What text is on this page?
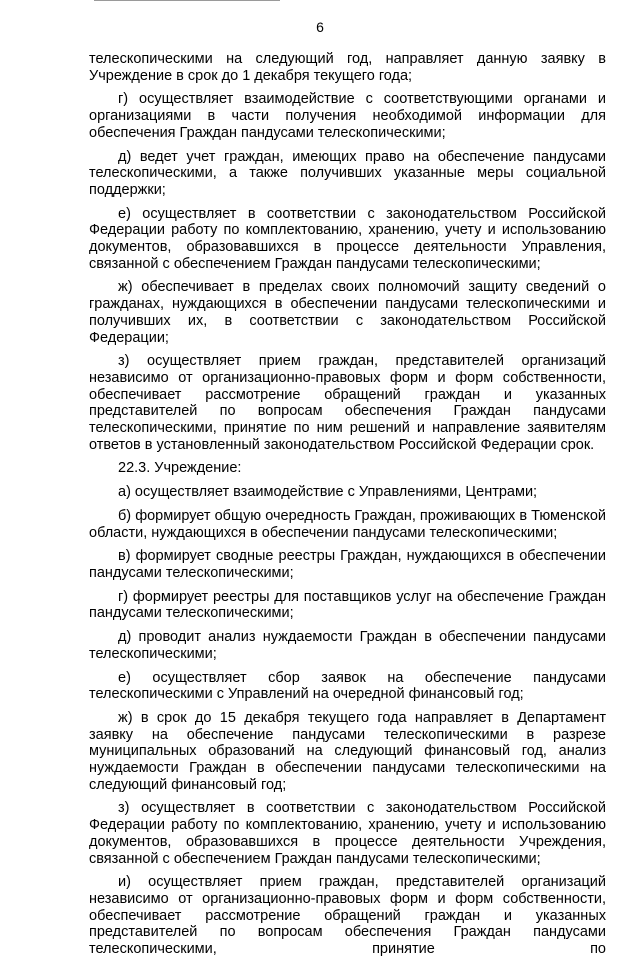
6

телескопическими на следующий год, направляет данную заявку в Учреждение в срок до 1 декабря текущего года;

г) осуществляет взаимодействие с соответствующими органами и организациями в части получения необходимой информации для обеспечения Граждан пандусами телескопическими;

д) ведет учет граждан, имеющих право на обеспечение пандусами телескопическими, а также получивших указанные меры социальной поддержки;

е) осуществляет в соответствии с законодательством Российской Федерации работу по комплектованию, хранению, учету и использованию документов, образовавшихся в процессе деятельности Управления, связанной с обеспечением Граждан пандусами телескопическими;

ж) обеспечивает в пределах своих полномочий защиту сведений о гражданах, нуждающихся в обеспечении пандусами телескопическими и получивших их, в соответствии с законодательством Российской Федерации;

з) осуществляет прием граждан, представителей организаций независимо от организационно-правовых форм и форм собственности, обеспечивает рассмотрение обращений граждан и указанных представителей по вопросам обеспечения Граждан пандусами телескопическими, принятие по ним решений и направление заявителям ответов в установленный законодательством Российской Федерации срок.

22.3. Учреждение:

а) осуществляет взаимодействие с Управлениями, Центрами;

б) формирует общую очередность Граждан, проживающих в Тюменской области, нуждающихся в обеспечении пандусами телескопическими;

в) формирует сводные реестры Граждан, нуждающихся в обеспечении пандусами телескопическими;

г) формирует реестры для поставщиков услуг на обеспечение Граждан пандусами телескопическими;

д) проводит анализ нуждаемости Граждан в обеспечении пандусами телескопическими;

е) осуществляет сбор заявок на обеспечение пандусами телескопическими с Управлений на очередной финансовый год;

ж) в срок до 15 декабря текущего года направляет в Департамент заявку на обеспечение пандусами телескопическими в разрезе муниципальных образований на следующий финансовый год, анализ нуждаемости Граждан в обеспечении пандусами телескопическими на следующий финансовый год;

з) осуществляет в соответствии с законодательством Российской Федерации работу по комплектованию, хранению, учету и использованию документов, образовавшихся в процессе деятельности Учреждения, связанной с обеспечением Граждан пандусами телескопическими;

и) осуществляет прием граждан, представителей организаций независимо от организационно-правовых форм и форм собственности, обеспечивает рассмотрение обращений граждан и указанных представителей по вопросам обеспечения Граждан пандусами телескопическими, принятие по
